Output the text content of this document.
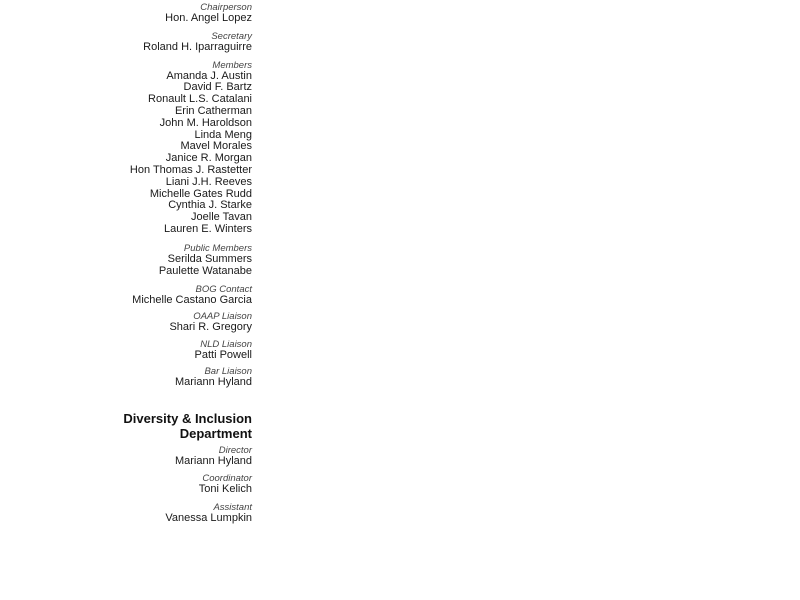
Chairperson
Hon. Angel Lopez
Secretary
Roland H. Iparraguirre
Members
Amanda J. Austin
David F. Bartz
Ronault L.S. Catalani
Erin Catherman
John M. Haroldson
Linda Meng
Mavel Morales
Janice R. Morgan
Hon Thomas J. Rastetter
Liani J.H. Reeves
Michelle Gates Rudd
Cynthia J. Starke
Joelle Tavan
Lauren E. Winters
Public Members
Serilda Summers
Paulette Watanabe
BOG Contact
Michelle Castano Garcia
OAAP Liaison
Shari R. Gregory
NLD Liaison
Patti Powell
Bar Liaison
Mariann Hyland
Diversity & Inclusion
Department
Director
Mariann Hyland
Coordinator
Toni Kelich
Assistant
Vanessa Lumpkin
